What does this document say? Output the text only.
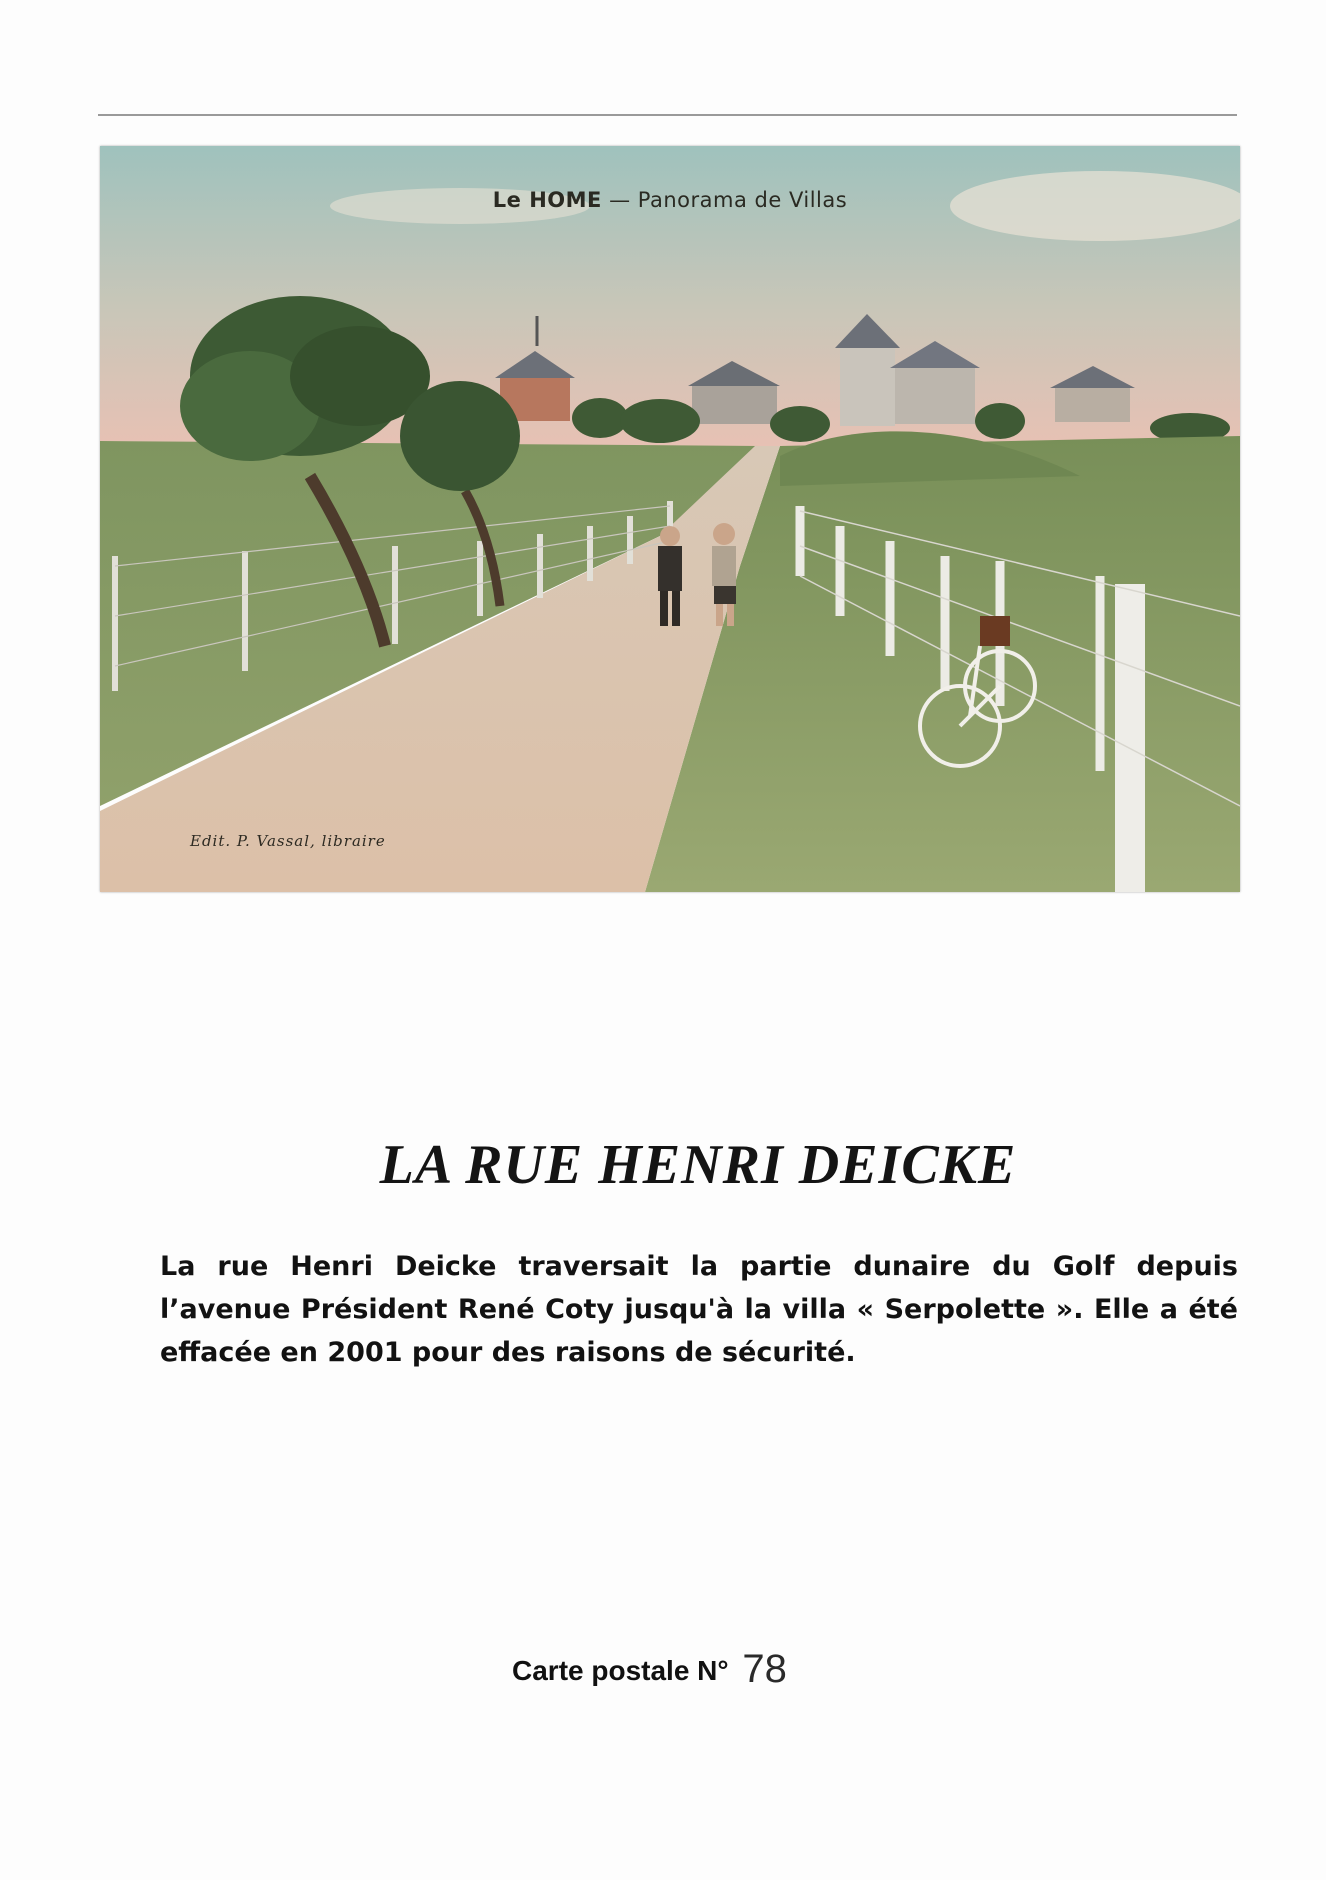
Le HOME — Panorama de Villas
Edit. P. Vassal, libraire
LA RUE HENRI DEICKE

La rue Henri Deicke traversait la partie dunaire du Golf depuis l’avenue Président René Coty jusqu'à la villa « Serpolette ». Elle a été effacée en 2001 pour des raisons de sécurité.

Carte postale N° 78
